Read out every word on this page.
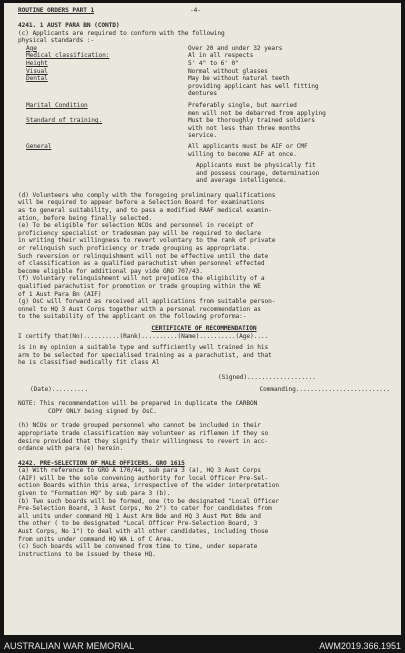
ROUTINE ORDERS PART 1	-4-
4241. 1 AUST PARA BN (CONTD)
(c) Applicants are required to conform with the following
physical standards :-
Age	Over 20 and under 32 years
Medical classification:	Al in all respects
Height	5' 4" to 6' 0"
Visual	Normal without glasses
Dental	May be without natural teeth
providing applicant has well fitting
dentures
Marital Condition	Preferably single, but married
men will not be debarred from applying
Standard of training.	Must be thoroughly trained soldiers
with not less than three months
service.
General	All applicants must be AIF or CMF
willing to become AIF at once.
Applicants must be physically fit
and possess courage, determination
and average intelligence.
(d) Volunteers who comply with the foregoing preliminary qualifications
will be required to appear before a Selection Board for examinations
as to general suitability, and to pass a modified RAAF medical examin-
ation, before being finally selected.
(e) To be eligible for selection NCOs and personnel in receipt of
proficiency specialist or tradesman pay will be required to declare
in writing their willingness to revert voluntary to the rank of private
or relinquish such proficiency or trade grouping as appropriate.
Such reversion or relinquishment will not be effective until the date
of classification as a qualified parachutist when personnel effected
become eligible for additional pay vide GRO 707/43.
(f) Voluntary relinquishment will not prejudice the eligibility of a
qualified parachutist for promotion or trade grouping within the WE
of 1 Aust Para Bn (AIF)
(g) OsC will forward as received all applications from suitable person-
onnel to HQ 3 Aust Corps together with a personal recommendation as
to the suitability of the applicant on the following proforma:-
CERTIFICATE OF RECOMMENDATION
I certify that(No)..........(Rank)..........(Name)..........(Age)....
is in my opinion a suitable type and sufficiently well trained in his
arm to be selected for specialised training as a parachutist, and that
he is classified medically fit class Al
(Signed)...................
(Date)..........	Commanding..........................
NOTE: This recommendation will be prepared in duplicate the CARBON
COPY ONLY being signed by OsC.
(h) NCOs or trade grouped personnel who cannot be included in their
appropriate trade classification may volunteer as riflemen if they so
desire provided that they signify their willingness to revert in acc-
ordance with para (e) herein.
4242. PRE-SELECTION OF MALE OFFICERS. GRO 1615
(a) With reference to GRO A 170/44, sub para 3 (a), HQ 3 Aust Corps
(AIF) will be the sole convening authority for local Officer Pre-Sel-
ection Boards within this area, irrespective of the wider interpretation
given to "Formation HQ" by sub para 3 (b).
(b) Two such boards will be formed, one (to be designated "Local Officer
Pre-Selection Board, 3 Aust Corps, No 2") to cater for candidates from
all units under command HQ 1 Aust Arm Bde and HQ 3 Aust Mot Bde and
the other ( to be designated "Local Officer Pre-Selection Board, 3
Aust Corps, No 1") to deal with all other candidates, including those
from units under command HQ WA L of C Area.
(c) Such boards will be convened from time to time, under separate
instructions to be issued by these HQ.
AUSTRALIAN WAR MEMORIAL	AWM2019.366.1951
